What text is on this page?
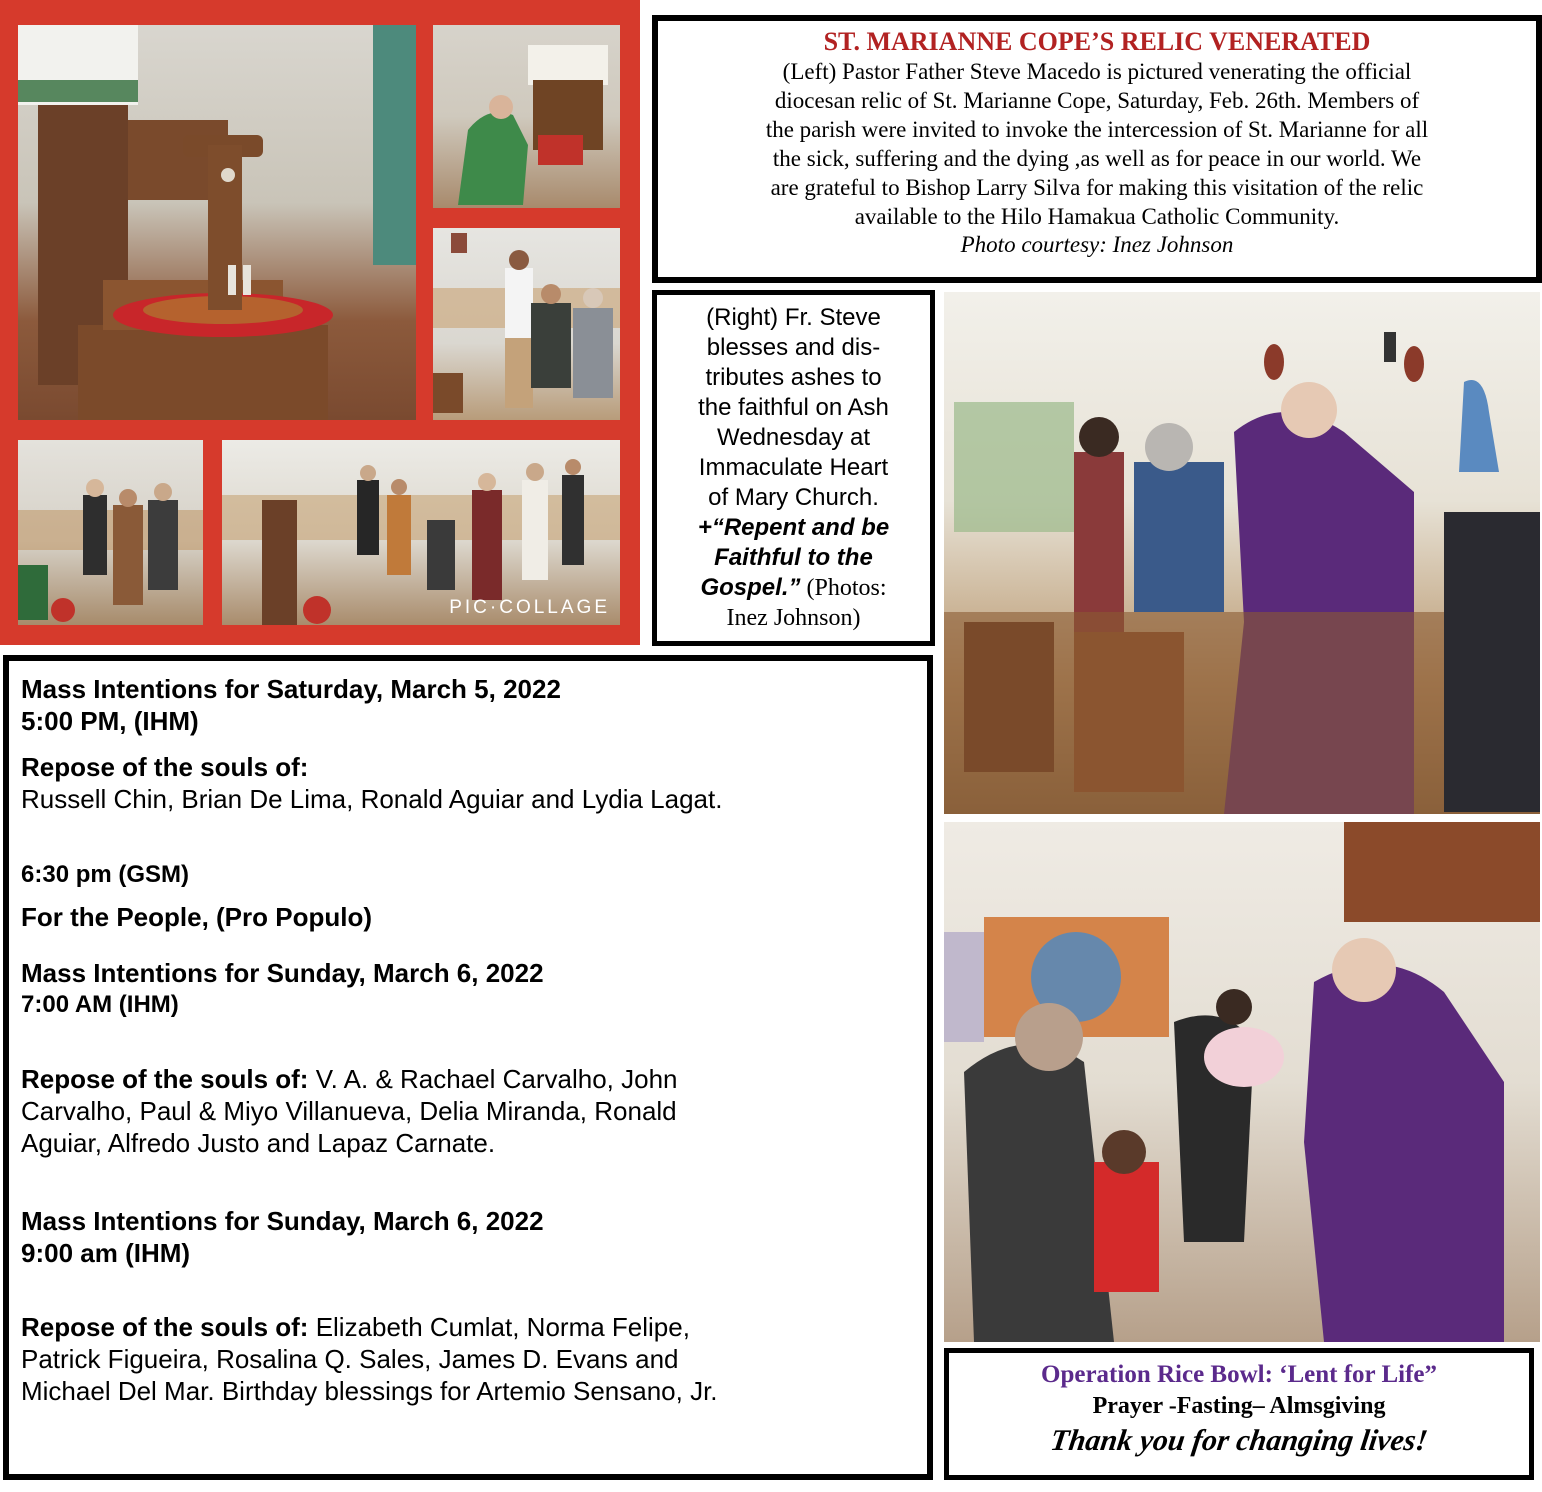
PIC·COLLAGE
ST. MARIANNE COPE’S RELIC VENERATED
(Left) Pastor Father Steve Macedo is pictured venerating the official
diocesan relic of St. Marianne Cope, Saturday, Feb. 26th. Members of
the parish were invited to invoke the intercession of St. Marianne for all
the sick, suffering and the dying ,as well as for peace in our world. We
are grateful to Bishop Larry Silva for making this visitation of the relic
available to the Hilo Hamakua Catholic Community.
Photo courtesy: Inez Johnson
(Right) Fr. Steve
blesses and dis-
tributes ashes to
the faithful on Ash
Wednesday at
Immaculate Heart
of Mary Church.
+“Repent and be
Faithful to the
Gospel.” (Photos:
Inez Johnson)

Mass Intentions for Saturday, March 5, 2022

5:00 PM, (IHM)

Repose of the souls of:

Russell Chin, Brian De Lima, Ronald Aguiar and Lydia Lagat.

6:30 pm (GSM)

For the People, (Pro Populo)

Mass Intentions for Sunday, March 6, 2022

7:00 AM (IHM)

Repose of the souls of: V. A. & Rachael Carvalho, John

Carvalho, Paul & Miyo Villanueva, Delia Miranda, Ronald

Aguiar, Alfredo Justo and Lapaz Carnate.

Mass Intentions for Sunday, March 6, 2022

9:00 am (IHM)

Repose of the souls of: Elizabeth Cumlat, Norma Felipe,

Patrick Figueira, Rosalina Q. Sales, James D. Evans and

Michael Del Mar. Birthday blessings for Artemio Sensano, Jr.

Operation Rice Bowl: ‘Lent for Life”
Prayer -Fasting– Almsgiving
Thank you for changing lives!
